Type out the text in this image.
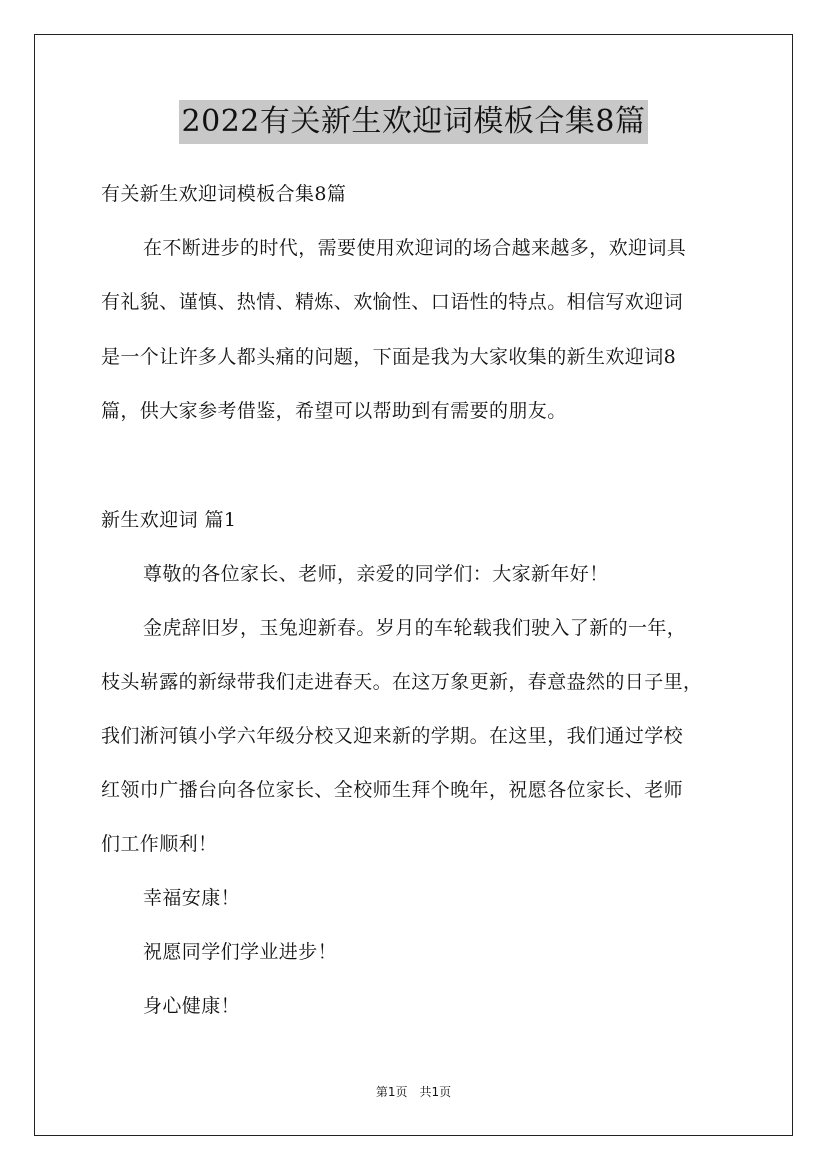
2022有关新生欢迎词模板合集8篇
有关新生欢迎词模板合集8篇
在不断进步的时代，需要使用欢迎词的场合越来越多，欢迎词具
有礼貌、谨慎、热情、精炼、欢愉性、口语性的特点。相信写欢迎词
是一个让许多人都头痛的问题，下面是我为大家收集的新生欢迎词8
篇，供大家参考借鉴，希望可以帮助到有需要的朋友。
新生欢迎词 篇1
尊敬的各位家长、老师，亲爱的同学们：大家新年好！
金虎辞旧岁，玉兔迎新春。岁月的车轮载我们驶入了新的一年，
枝头崭露的新绿带我们走进春天。在这万象更新，春意盎然的日子里，
我们淅河镇小学六年级分校又迎来新的学期。在这里，我们通过学校
红领巾广播台向各位家长、全校师生拜个晚年，祝愿各位家长、老师
们工作顺利！
幸福安康！
祝愿同学们学业进步！
身心健康！
第1页　共1页
